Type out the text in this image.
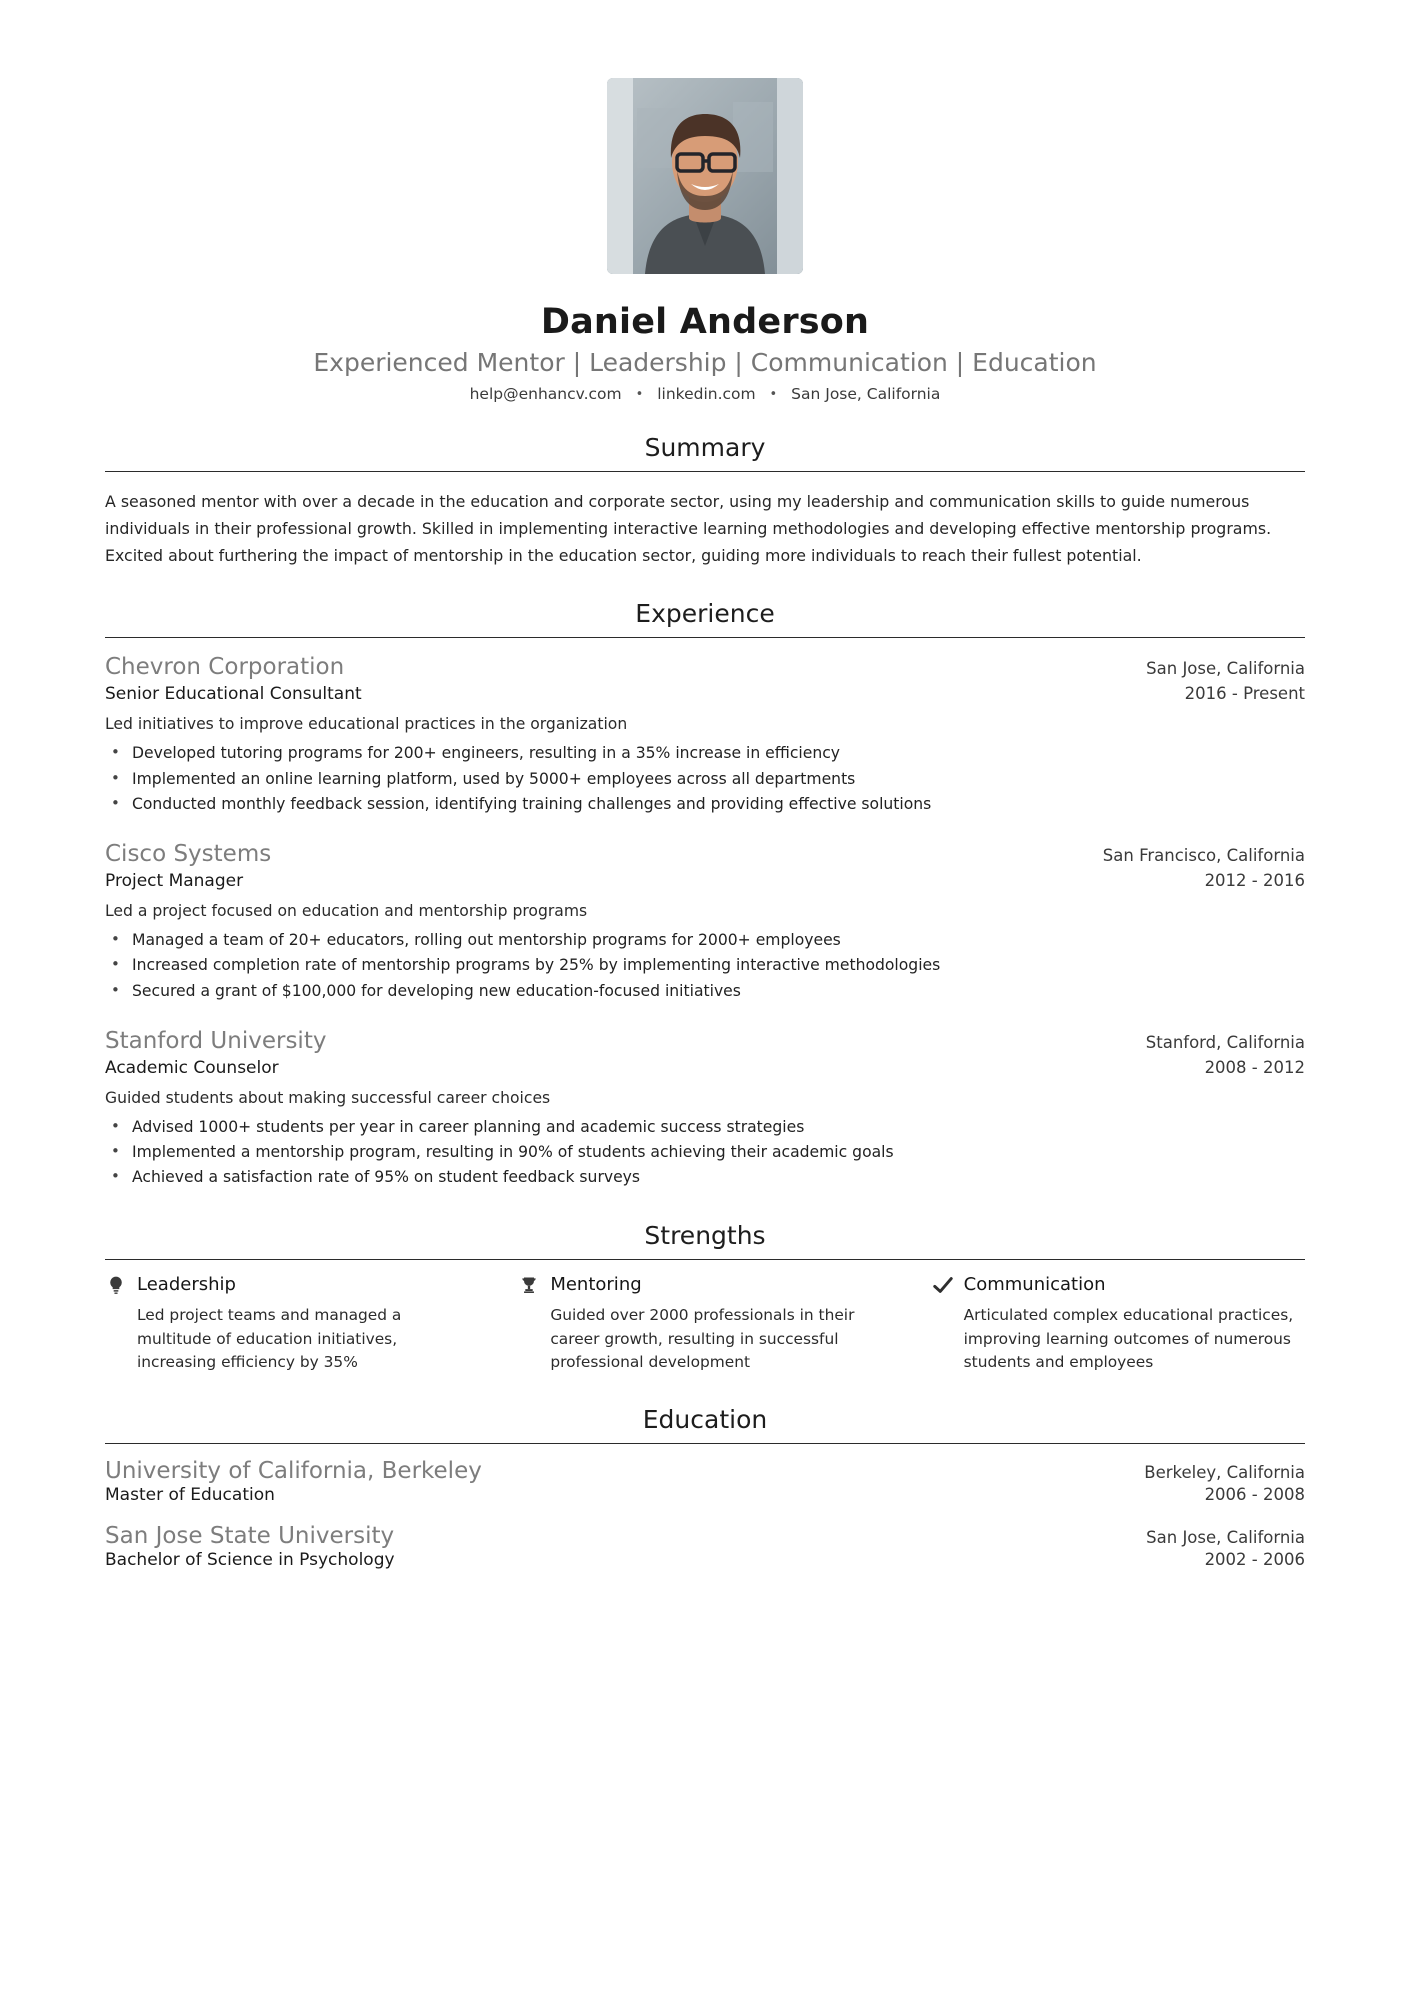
Daniel Anderson
Experienced Mentor | Leadership | Communication | Education
help@enhancv.com • linkedin.com • San Jose, California
Summary

A seasoned mentor with over a decade in the education and corporate sector, using my leadership and communication skills to guide numerous individuals in their professional growth. Skilled in implementing interactive learning methodologies and developing effective mentorship programs. Excited about furthering the impact of mentorship in the education sector, guiding more individuals to reach their fullest potential.

Experience
Chevron Corporation	San Jose, California
Senior Educational Consultant	2016 - Present
Led initiatives to improve educational practices in the organization
• Developed tutoring programs for 200+ engineers, resulting in a 35% increase in efficiency
• Implemented an online learning platform, used by 5000+ employees across all departments
• Conducted monthly feedback session, identifying training challenges and providing effective solutions
Cisco Systems	San Francisco, California
Project Manager	2012 - 2016
Led a project focused on education and mentorship programs
• Managed a team of 20+ educators, rolling out mentorship programs for 2000+ employees
• Increased completion rate of mentorship programs by 25% by implementing interactive methodologies
• Secured a grant of $100,000 for developing new education-focused initiatives
Stanford University	Stanford, California
Academic Counselor	2008 - 2012
Guided students about making successful career choices
• Advised 1000+ students per year in career planning and academic success strategies
• Implemented a mentorship program, resulting in 90% of students achieving their academic goals
• Achieved a satisfaction rate of 95% on student feedback surveys
Strengths
Leadership
Led project teams and managed a multitude of education initiatives, increasing efficiency by 35%
Mentoring
Guided over 2000 professionals in their career growth, resulting in successful professional development
Communication
Articulated complex educational practices, improving learning outcomes of numerous students and employees
Education
University of California, Berkeley	Berkeley, California
Master of Education	2006 - 2008
San Jose State University	San Jose, California
Bachelor of Science in Psychology	2002 - 2006
